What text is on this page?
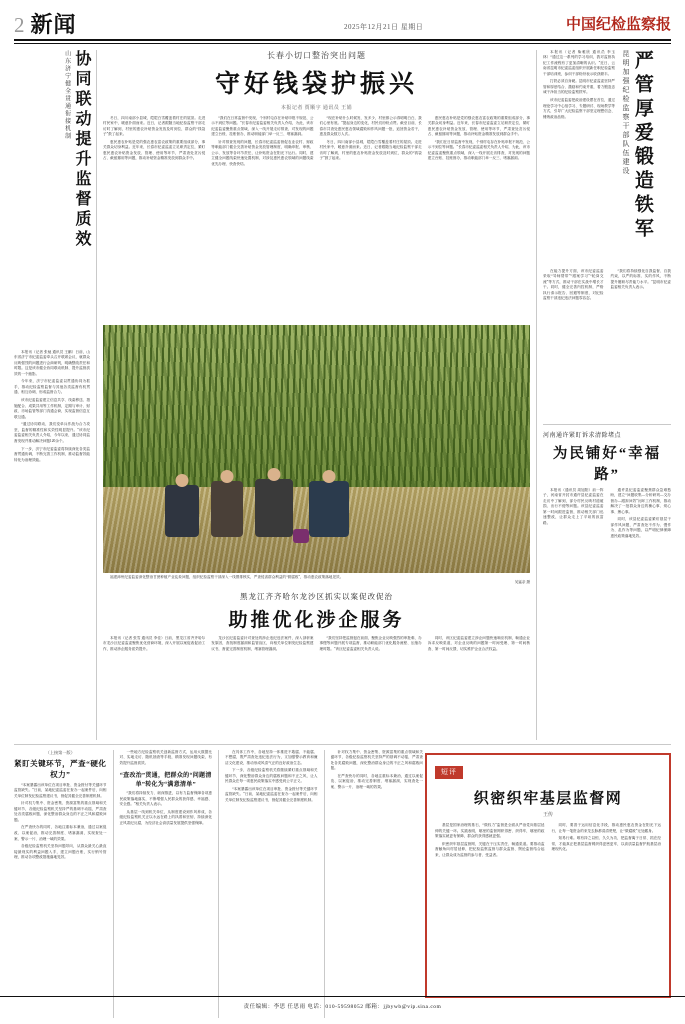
2 新闻	2025年12月21日 星期日	中国纪检监察报
协同联动提升监督质效
山东济宁健全贯通衔接机制

本报讯（记者 张驰 通讯员 王鹏）日前，山东省济宁市纪委监委牵头召开联席会议，就群众反映强烈的问题进行会商研判，明确整改责任和时限。这是该市健全协同联动机制、提升监督质效的一个缩影。

今年来，济宁市纪委监委以贯通协同为抓手，推动纪检监察监督与其他各类监督有机贯通、相互协调，形成监督合力。

该市纪委监委建立信息共享、线索移送、措施配合、成果共用等工作机制，定期与审计、财政、市场监管等部门沟通会商，实现监督信息互联互通。

“通过协同联动，我们变单兵作战为合力攻坚，监督的精准性和实效性明显提升。”该市纪委监委相关负责人介绍，今年以来，通过协同监督发现并推动解决问题120余个。

下一步，济宁市纪委监委将持续深化各类监督贯通协调，不断完善工作机制，推动监督效能转化为治理效能。

长春小切口整治突出问题
守好钱袋护振兴
本报记者 贾顺宇 通讯员 王娟

冬日，四川南部小县城，皑皑白雪覆盖着村庄的屋顶。走进村民家中，暖意扑面而来。近日，记者跟随当地纪检监察干部走访时了解到，村里的惠农补贴资金发放及时到位，群众的“钱袋子”鼓了起来。

惠民惠农补贴是党的强农惠农富农政策的重要组成部分，事关群众切身利益。近年来，长春市纪委监委立足职责定位，紧盯惠民惠农补贴资金发放、管理、使用等环节，严肃查处贪污侵占、截留挪用等问题，推动补贴资金精准发放到群众手中。

“我们在日常监督中发现，个别村屯存在补贴申报不规范、公示不到位等问题。”长春市纪委监委相关负责人介绍，为此，该市纪委监委聚焦重点领域，深入一线开展走访排查，对发现的问题建立台账、挂账督办，推动职能部门举一反三、堵塞漏洞。

针对排查发现的问题，长春市纪委监委督促农业农村、财政等职能部门健全完善补贴资金发放管理制度，明确申报、审核、公示、发放等各环节责任，让补贴资金在阳光下运行。同时，建立健全问题线索快速处置机制，对涉及惠民惠农领域的问题线索优先办理、快查快结。

“现在补贴什么时候发、发多少，村里都公示得明明白白，我们心里有底。”提起身边的变化，村民们纷纷点赞。截至目前，长春市共查处惠民惠农领域腐败和作风问题一批，追回资金若干，惠及群众数万人次。

冬日，四川南部小县城，皑皑白雪覆盖着村庄的屋顶。走进村民家中，暖意扑面而来。近日，记者跟随当地纪检监察干部走访时了解到，村里的惠农补贴资金发放及时到位，群众的“钱袋子”鼓了起来。

惠民惠农补贴是党的强农惠农富农政策的重要组成部分，事关群众切身利益。近年来，长春市纪委监委立足职责定位，紧盯惠民惠农补贴资金发放、管理、使用等环节，严肃查处贪污侵占、截留挪用等问题，推动补贴资金精准发放到群众手中。

“我们在日常监督中发现，个别村屯存在补贴申报不规范、公示不到位等问题。”长春市纪委监委相关负责人介绍，为此，该市纪委监委聚焦重点领域，深入一线开展走访排查，对发现的问题建立台账、挂账督办，推动职能部门举一反三、堵塞漏洞。

福建漳州纪委监委深化整治甘蔗种植产业乱象问题，组织纪检监察干部深入一线摸排核实，严查侵害群众利益的“微腐败”，推动惠农政策落地见效。
吴猛亲 摄
黑龙江齐齐哈尔龙沙区抓实以案促改促治
助推优化涉企服务

本报讯（记者 张雪 通讯员 李佳）日前，黑龙江省齐齐哈尔市龙沙区纪委监委聚焦优化营商环境，深入开展以案促改促治工作，推动涉企服务质效提升。

龙沙区纪委监委针对查处的涉企违纪违法案件，深入剖析案发原因，查找制度漏洞和监管盲区，向相关单位制发纪检监察建议书，督促完善制度机制，堵塞管理漏洞。

“我们坚持把监督挺在前面，聚焦企业反映强烈的审批难、办事慢等问题开展专项监督，推动职能部门优化服务流程、压缩办理时限。”该区纪委监委相关负责人说。

同时，该区纪委监委建立涉企问题快速响应机制，畅通企业诉求反映渠道，对企业反映的问题第一时间受理、第一时间核查、第一时间反馈，切实维护企业合法权益。

本报讯（记者 柴雅欣 通讯员 李玉林）“通过这一系列的学习培训，我对监督执纪工作流程有了更加清晰的认识。”近日，云南省昆明市纪委监委组织开展新任职纪检监察干部培训班，参训干部纷纷表示收获颇丰。

打铁必须自身硬。昆明市纪委监委坚持严管和厚爱结合、激励和约束并重，着力锻造忠诚干净担当的纪检监察铁军。

该市纪委监委把政治建设摆在首位，通过理论学习中心组学习、专题研讨、现场教学等方式，引导广大纪检监察干部坚定理想信念、锤炼政治品格。	严管厚爱锻造铁军
昆明加强纪检监察干部队伍建设

在能力提升方面，该市纪委监委采取“导师帮带”“跟案学习”“轮岗交流”等方式，推动干部在实战中增长才干。同时，健全完善内控机制，严格执行请示报告、回避等制度，对纪检监察干部违纪违法问题零容忍。

“我们将持续强化自我监督、自我约束，以严的标准、实的作风，不断提升履职尽责能力水平。”昆明市纪委监委相关负责人表示。

河南通许紧盯诉求清除堵点
为民铺好“幸福路”

本报讯（通讯员 周旭阳）前一阵子，河南省开封市通许县纪委监委在走访中了解到，部分村民反映村道破损、出行不便等问题。该县纪委监委第一时间跟进监督，推动相关部门迅速整改，让群众走上了平坦的致富路。

通许县纪委监委聚焦群众急难愁盼，建立“问题收集—分析研判—交办督办—跟踪问效”闭环工作机制，推动解决了一批群众身边的操心事、烦心事、揪心事。

同时，该县纪委监委紧盯基层干部作风问题，严肃查处不作为、慢作为、乱作为等问题，以严明纪律保障惠民政策落地见效。

（上接第一版）
紧盯关键环节，严查“硬化权力”

“本案暴露出该单位在项目审批、资金拨付等关键环节监管缺失。”日前，某地纪委监委在查办一起案件后，向相关单位制发纪检监察建议书，督促其健全完善制度机制。

针对权力集中、资金密集、资源富集的重点领域和关键环节，各级纪检监察机关坚持严的基调不动摇，严肃查处各类腐败问题，深化整治群众身边的不正之风和腐败问题。

在严查快办的同时，各地注重标本兼治，通过以案促改、以案促治，推动完善制度、堵塞漏洞，实现查处一案、警示一片、治理一域的效果。

各级纪检监察机关坚持问题导向，从群众最关心最直接最现实的利益问题入手，建立问题台账，实行销号管理，推动各项整改措施落地见效。

一些地方纪检监察机关创新监督方式，运用大数据比对、实地走访、随机抽查等手段，精准发现问题线索，有效提升监督质效。

“查改治”贯通，把群众的“问题清单”转化为“满意清单”

“我们将持续发力、纵深推进，以有力监督保障各项惠民政策落地落实，不断增强人民群众的获得感、幸福感、安全感。”相关负责人表示。

从基层一线到机关单位，从制度建设到作风养成，各级纪检监察机关正以永远在路上的执着和坚韧，持续深化正风肃纪反腐，为经济社会高质量发展提供坚强保障。

在具体工作中，各地坚持一体推进不敢腐、不能腐、不想腐，既严肃查处违纪违法行为，又加强警示教育和廉洁文化建设，推动形成风清气正的良好政治生态。

下一步，各级纪检监察机关将继续紧盯重点领域和关键环节，深化整治群众身边的腐败问题和不正之风，让人民群众在每一项惠民政策落实中感受到公平正义。

“本案暴露出该单位在项目审批、资金拨付等关键环节监管缺失。”日前，某地纪委监委在查办一起案件后，向相关单位制发纪检监察建议书，督促其健全完善制度机制。

针对权力集中、资金密集、资源富集的重点领域和关键环节，各级纪检监察机关坚持严的基调不动摇，严肃查处各类腐败问题，深化整治群众身边的不正之风和腐败问题。

在严查快办的同时，各地注重标本兼治，通过以案促改、以案促治，推动完善制度、堵塞漏洞，实现查处一案、警示一片、治理一域的效果。

短评
织密织牢基层监督网
王传

基层是国家治理的基石，“微权力”监督是全面从严治党向基层延伸的关键一环。实践表明，哪里的监督网织得密、织得牢，哪里的政策落实就更有保障，群众的获得感就更强。

织密织牢基层监督网，关键在于压实责任、畅通渠道。要推动监督触角向村居延伸，把纪检监察监督与群众监督、舆论监督结合起来，让群众成为监督的参与者、受益者。

同时，要善于运用信息化手段，推动惠民惠农资金在阳光下运行，让每一笔资金的来龙去脉都清清楚楚，让“微腐败”无处藏身。

知易行难。唯有持之以恒、久久为功，把监督寓于日常、抓在经常，才能真正把基层监督网织得更密更牢，以高质量监督护航基层治理现代化。

责任编辑：李思 任思雨 电话：010-59598052 邮箱：jjbywb@vip.sina.com
